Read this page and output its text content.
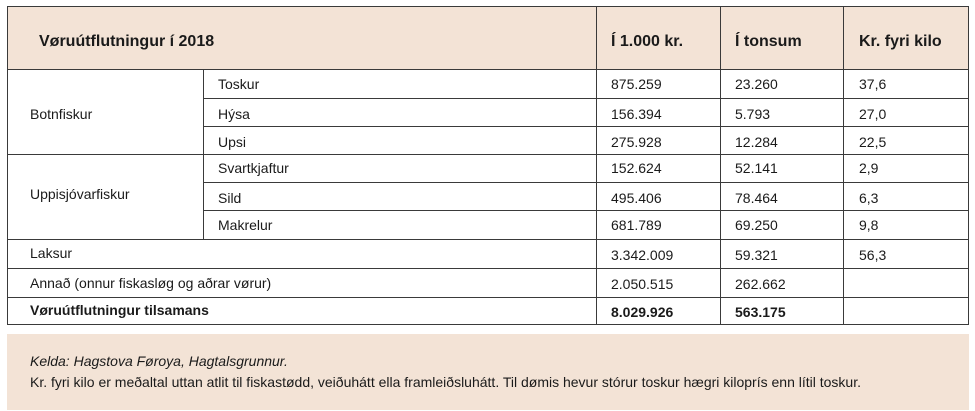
Vøruútflutningur í 2018	Í 1.000 kr.	Í tonsum	Kr. fyri kilo
Botnfiskur
Toskur	875.259	23.260	37,6
Hýsa	156.394	5.793	27,0
Upsi	275.928	12.284	22,5
Uppisjóvarfiskur
Svartkjaftur	152.624	52.141	2,9
Sild	495.406	78.464	6,3
Makrelur	681.789	69.250	9,8
Laksur	3.342.009	59.321	56,3
Annað (onnur fiskasløg og aðrar vørur)	2.050.515	262.662
Vøruútflutningur tilsamans	8.029.926	563.175
Kelda: Hagstova Føroya, Hagtalsgrunnur.
Kr. fyri kilo er meðaltal uttan atlit til fiskastødd, veiðuhátt ella framleiðsluhátt. Til dømis hevur stórur toskur hægri kiloprís enn lítil toskur.
